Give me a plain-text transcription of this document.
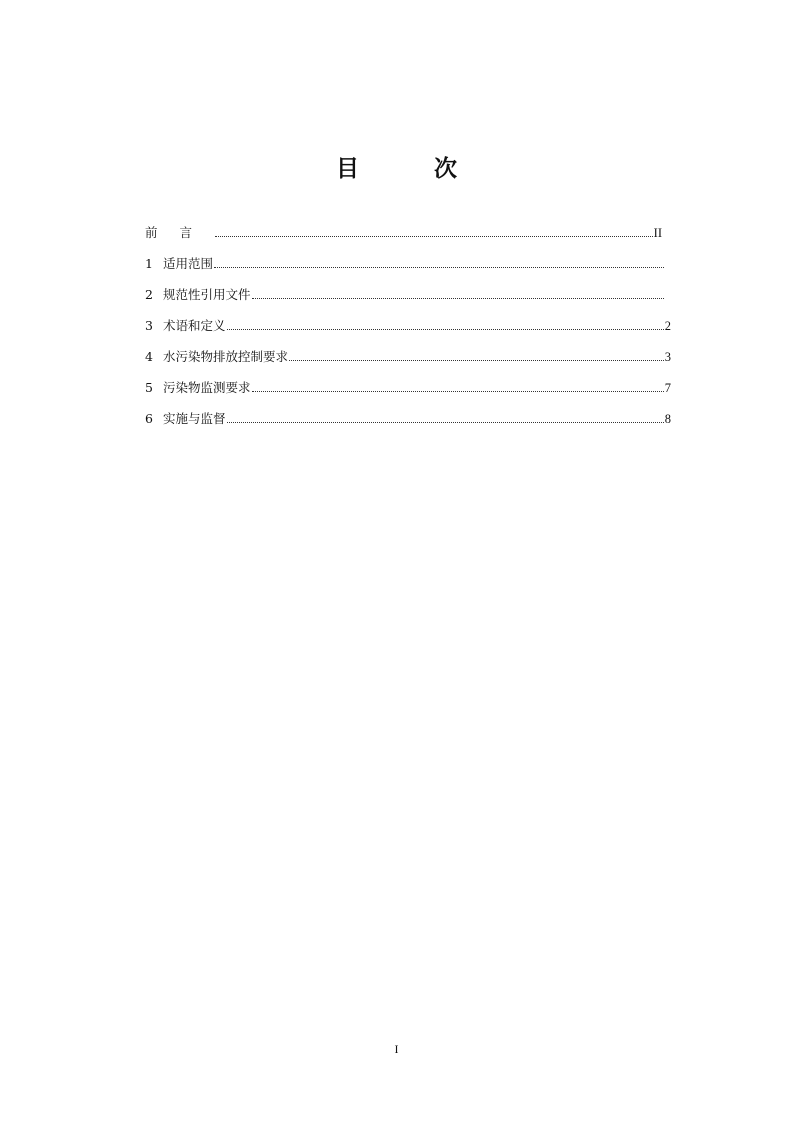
目　次
前言	II
1 适用范围
2 规范性引用文件
3 术语和定义	2
4 水污染物排放控制要求	3
5 污染物监测要求	7
6 实施与监督	8
I
